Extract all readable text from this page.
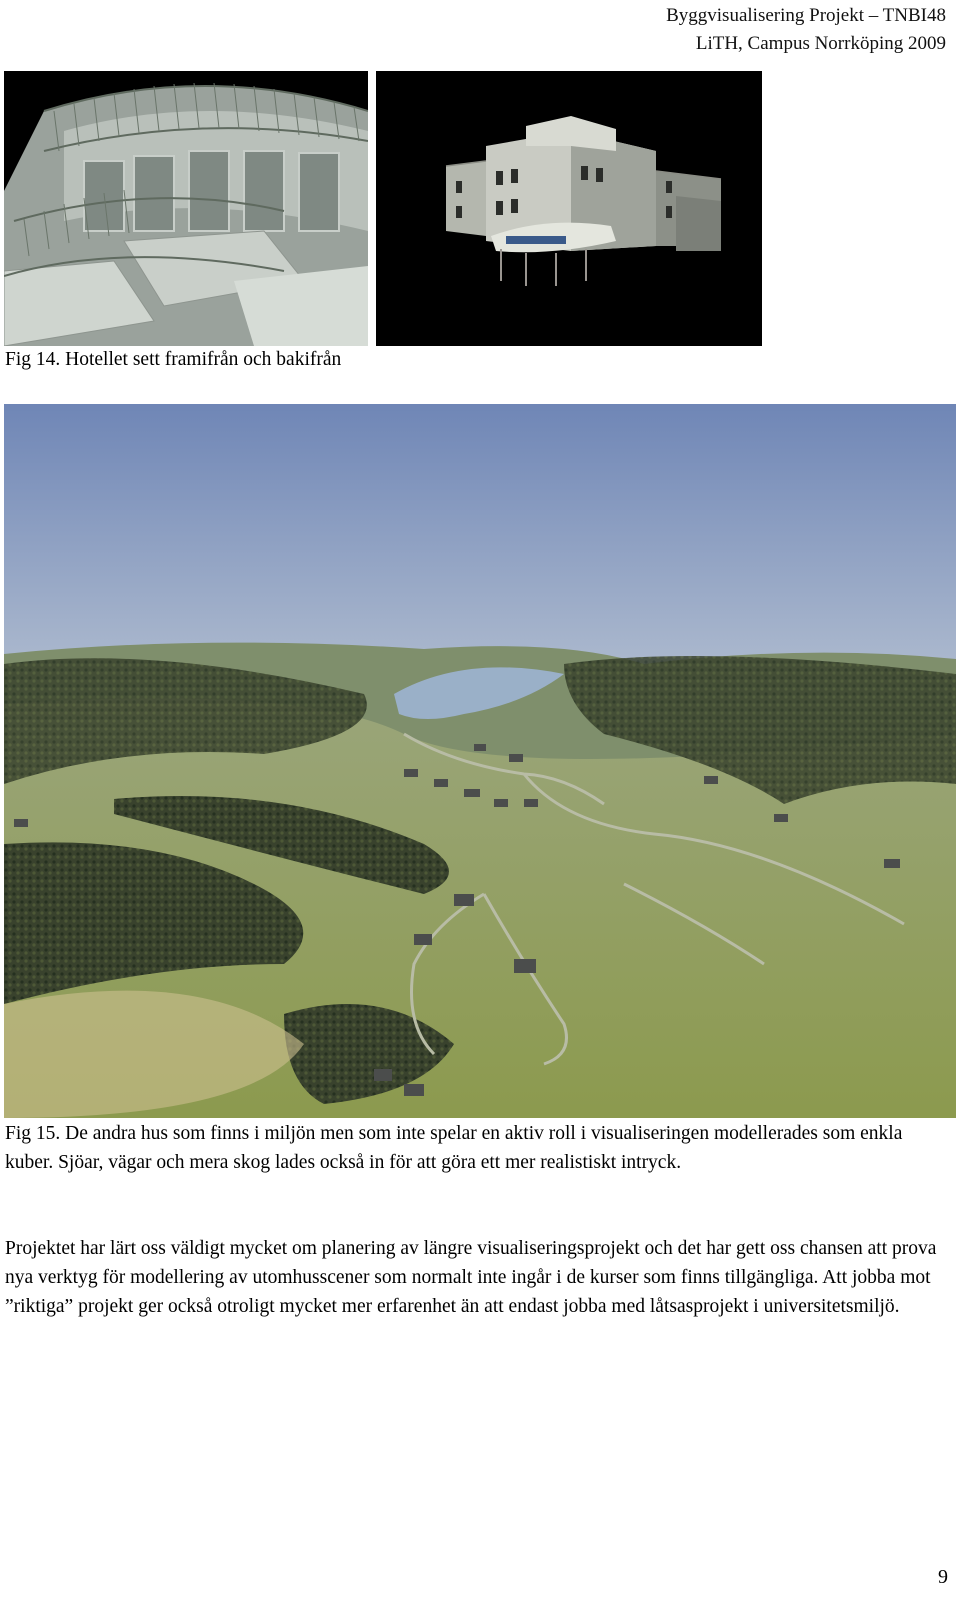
Byggvisualisering Projekt – TNBI48
LiTH, Campus Norrköping 2009
Fig 14. Hotellet sett framifrån och bakifrån
Fig 15. De andra hus som finns i miljön men som inte spelar en aktiv roll i visualiseringen modellerades som enkla kuber. Sjöar, vägar och mera skog lades också in för att göra ett mer realistiskt intryck.
Projektet har lärt oss väldigt mycket om planering av längre visualiseringsprojekt och det har gett oss chansen att prova nya verktyg för modellering av utomhusscener som normalt inte ingår i de kurser som finns tillgängliga. Att jobba mot ”riktiga” projekt ger också otroligt mycket mer erfarenhet än att endast jobba med låtsasprojekt i universitetsmiljö.
9
